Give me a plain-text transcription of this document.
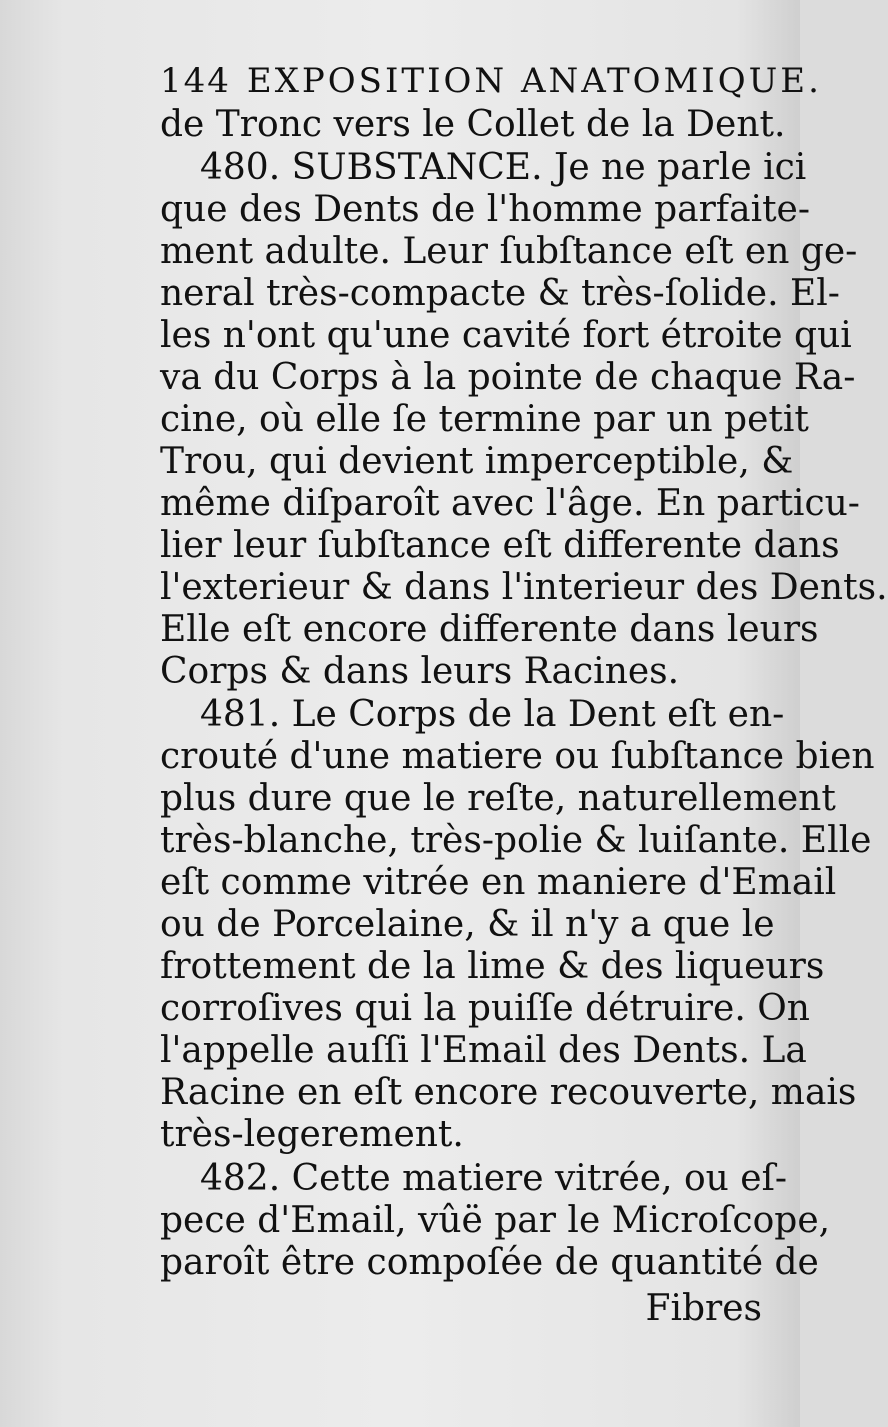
144 EXPOSITION ANATOMIQUE.
de Tronc vers le Collet de la Dent.
480. SUBSTANCE. Je ne parle ici
que des Dents de l'homme parfaite-
ment adulte. Leur ſubſtance eſt en ge-
neral très-compacte & très-ſolide. El-
les n'ont qu'une cavité fort étroite qui
va du Corps à la pointe de chaque Ra-
cine, où elle ſe termine par un petit
Trou, qui devient imperceptible, &
même diſparoît avec l'âge. En particu-
lier leur ſubſtance eſt differente dans
l'exterieur & dans l'interieur des Dents.
Elle eſt encore differente dans leurs
Corps & dans leurs Racines.
481. Le Corps de la Dent eſt en-
crouté d'une matiere ou ſubſtance bien
plus dure que le reſte, naturellement
très-blanche, très-polie & luiſante. Elle
eſt comme vitrée en maniere d'Email
ou de Porcelaine, & il n'y a que le
frottement de la lime & des liqueurs
corroſives qui la puiſſe détruire. On
l'appelle auſſi l'Email des Dents. La
Racine en eſt encore recouverte, mais
très-legerement.
482. Cette matiere vitrée, ou eſ-
pece d'Email, vûë par le Microſcope,
paroît être compoſée de quantité de
Fibres
